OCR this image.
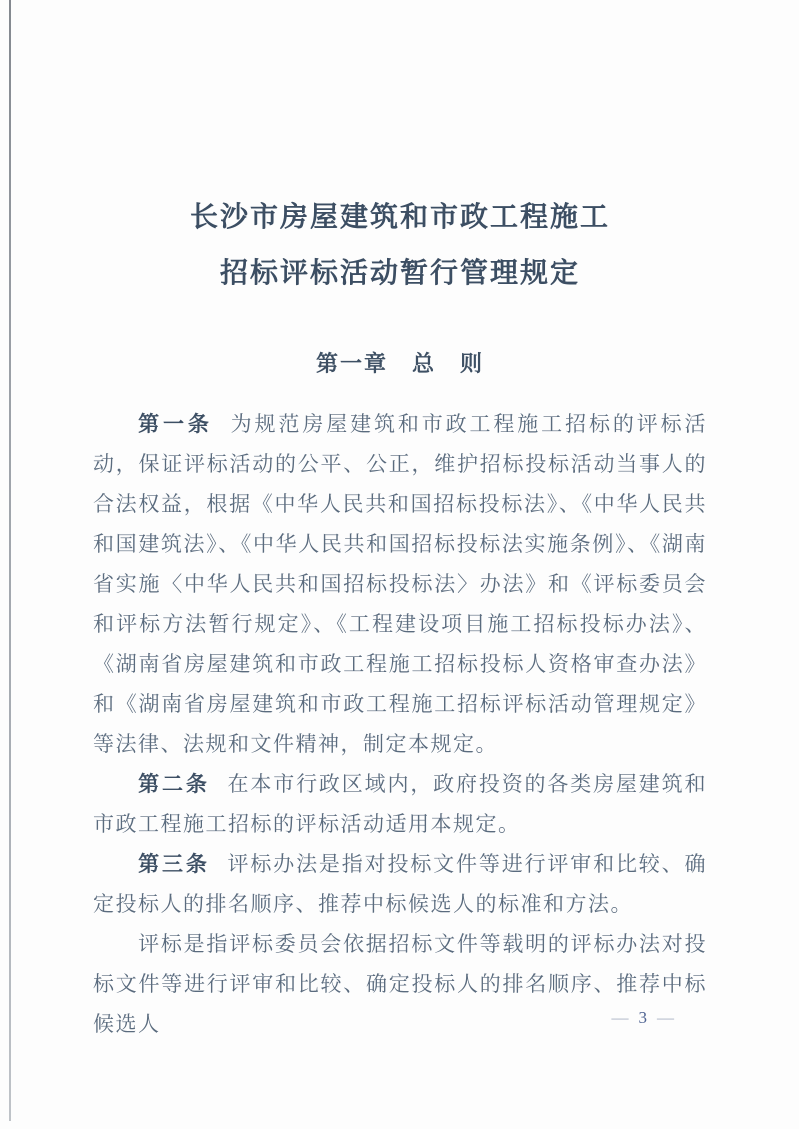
长沙市房屋建筑和市政工程施工
招标评标活动暂行管理规定
第一章　总　则

第一条 为规范房屋建筑和市政工程施工招标的评标活动，保证评标活动的公平、公正，维护招标投标活动当事人的合法权益，根据《中华人民共和国招标投标法》、《中华人民共和国建筑法》、《中华人民共和国招标投标法实施条例》、《湖南省实施〈中华人民共和国招标投标法〉办法》和《评标委员会和评标方法暂行规定》、《工程建设项目施工招标投标办法》、《湖南省房屋建筑和市政工程施工招标投标人资格审查办法》和《湖南省房屋建筑和市政工程施工招标评标活动管理规定》等法律、法规和文件精神，制定本规定。

第二条 在本市行政区域内，政府投资的各类房屋建筑和市政工程施工招标的评标活动适用本规定。

第三条 评标办法是指对投标文件等进行评审和比较、确定投标人的排名顺序、推荐中标候选人的标准和方法。

评标是指评标委员会依据招标文件等载明的评标办法对投标文件等进行评审和比较、确定投标人的排名顺序、推荐中标候选人	— 3 —
